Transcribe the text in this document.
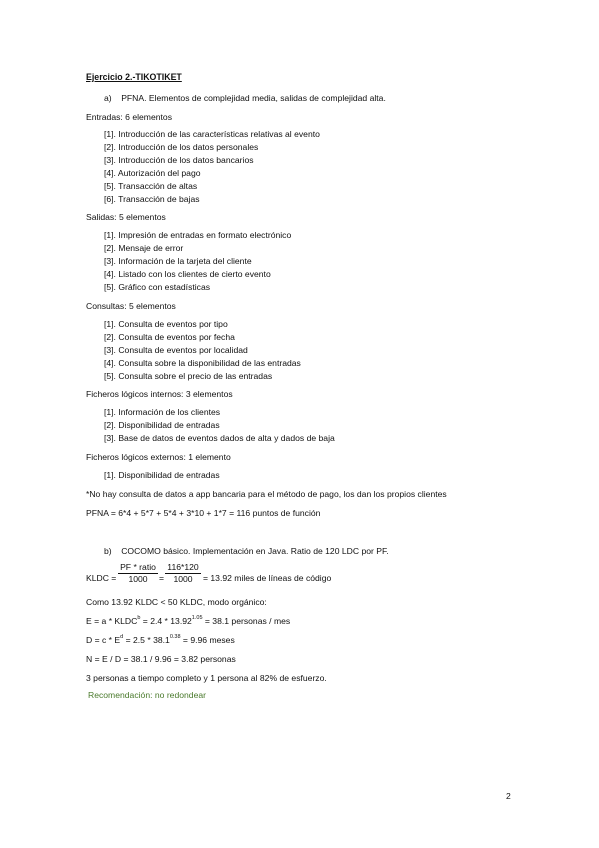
Ejercicio 2.-TIKOTIKET
a)    PFNA. Elementos de complejidad media, salidas de complejidad alta.
Entradas: 6 elementos
[1]. Introducción de las características relativas al evento
[2]. Introducción de los datos personales
[3]. Introducción de los datos bancarios
[4]. Autorización del pago
[5]. Transacción de altas
[6]. Transacción de bajas
Salidas: 5 elementos
[1]. Impresión de entradas en formato electrónico
[2]. Mensaje de error
[3]. Información de la tarjeta del cliente
[4]. Listado con los clientes de cierto evento
[5]. Gráfico con estadísticas
Consultas: 5 elementos
[1]. Consulta de eventos por tipo
[2]. Consulta de eventos por fecha
[3]. Consulta de eventos por localidad
[4]. Consulta sobre la disponibilidad de las entradas
[5]. Consulta sobre el precio de las entradas
Ficheros lógicos internos: 3 elementos
[1]. Información de los clientes
[2]. Disponibilidad de entradas
[3]. Base de datos de eventos dados de alta y dados de baja
Ficheros lógicos externos: 1 elemento
[1]. Disponibilidad de entradas
*No hay consulta de datos a app bancaria para el método de pago, los dan los propios clientes
PFNA = 6*4 + 5*7 + 5*4 + 3*10 + 1*7 = 116 puntos de función
b)    COCOMO básico. Implementación en Java. Ratio de 120 LDC por PF.
KLDC =
PF * ratio
1000	= $\frac{116*120}{1000} = 13.92$ miles de líneas de código
Como 13.92 KLDC < 50 KLDC, modo orgánico:
$E = a * KLDC^b = 2.4 * 13.92^{1.05} = 38.1$ personas / mes
$D = c * E^d = 2.5 * 38.1^{0.38} = 9.96$ meses
N = E / D = 38.1 / 9.96 = 3.82 personas
3 personas a tiempo completo y 1 persona al 82% de esfuerzo.
Recomendación: no redondear
2
